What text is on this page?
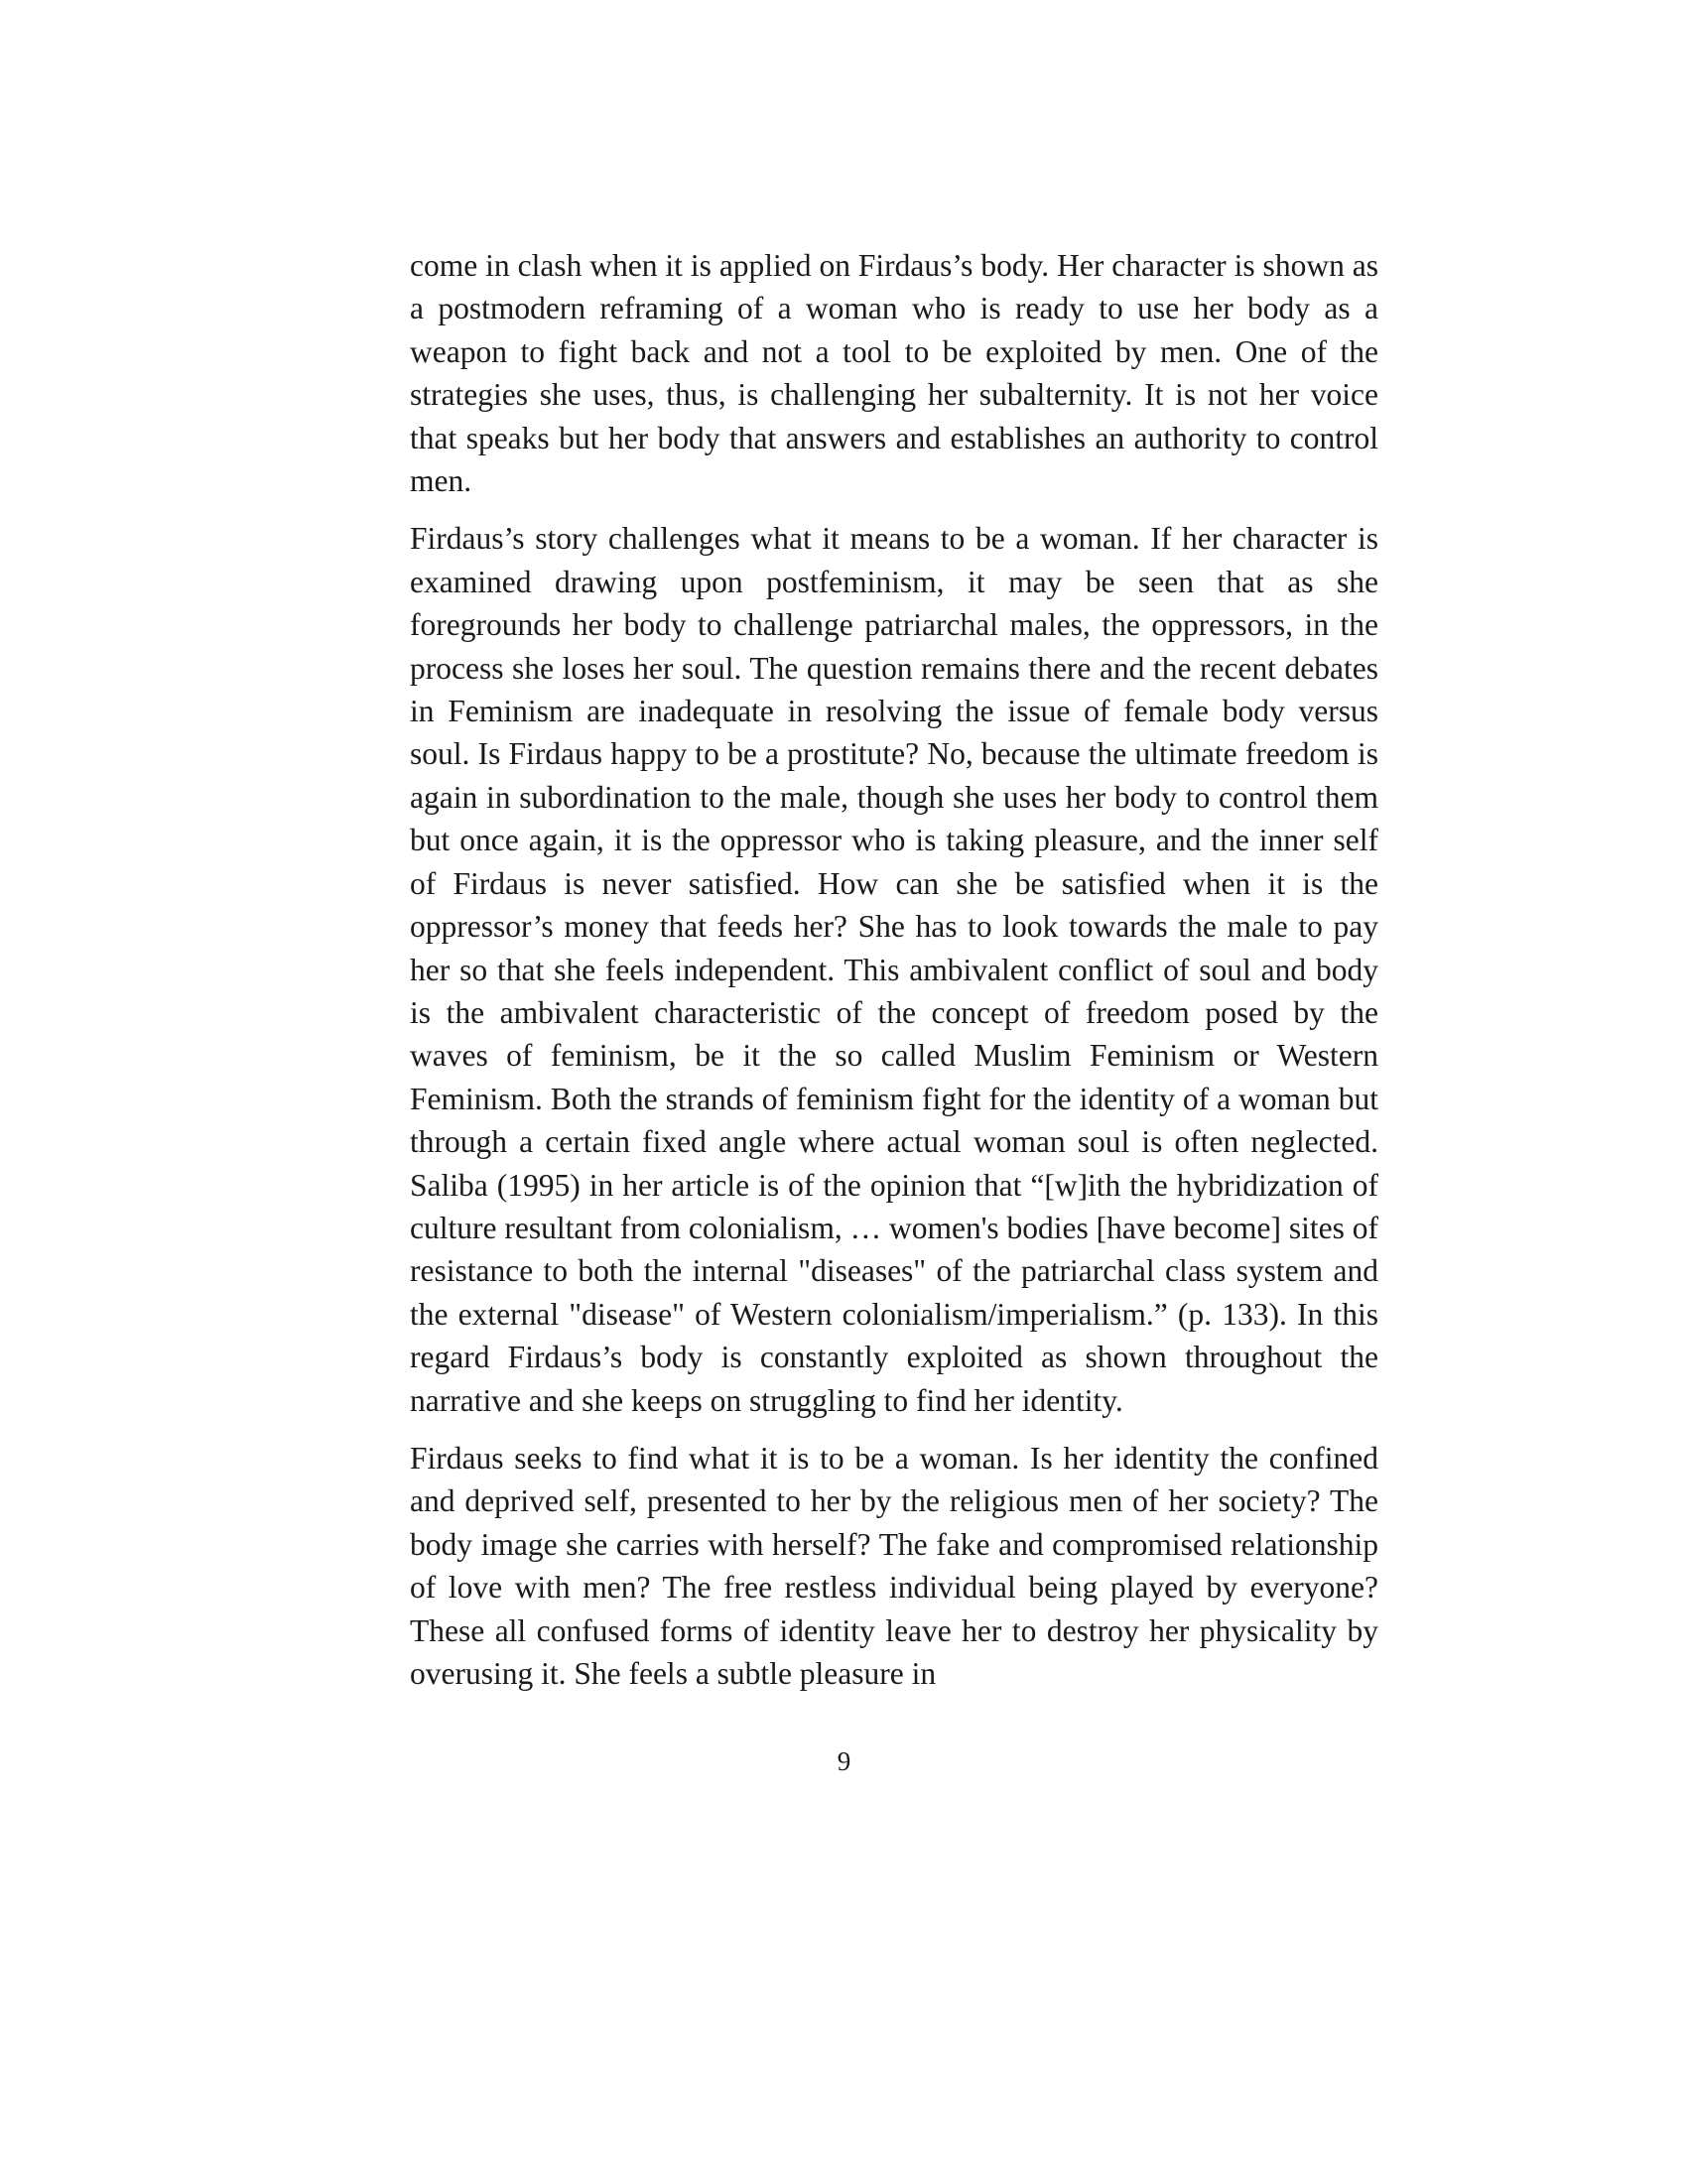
come in clash when it is applied on Firdaus’s body. Her character is shown as a postmodern reframing of a woman who is ready to use her body as a weapon to fight back and not a tool to be exploited by men. One of the strategies she uses, thus, is challenging her subalternity. It is not her voice that speaks but her body that answers and establishes an authority to control men.

Firdaus’s story challenges what it means to be a woman. If her character is examined drawing upon postfeminism, it may be seen that as she foregrounds her body to challenge patriarchal males, the oppressors, in the process she loses her soul. The question remains there and the recent debates in Feminism are inadequate in resolving the issue of female body versus soul. Is Firdaus happy to be a prostitute? No, because the ultimate freedom is again in subordination to the male, though she uses her body to control them but once again, it is the oppressor who is taking pleasure, and the inner self of Firdaus is never satisfied. How can she be satisfied when it is the oppressor’s money that feeds her? She has to look towards the male to pay her so that she feels independent. This ambivalent conflict of soul and body is the ambivalent characteristic of the concept of freedom posed by the waves of feminism, be it the so called Muslim Feminism or Western Feminism. Both the strands of feminism fight for the identity of a woman but through a certain fixed angle where actual woman soul is often neglected. Saliba (1995) in her article is of the opinion that “[w]ith the hybridization of culture resultant from colonialism, … women's bodies [have become] sites of resistance to both the internal "diseases" of the patriarchal class system and the external "disease" of Western colonialism/imperialism.” (p. 133). In this regard Firdaus’s body is constantly exploited as shown throughout the narrative and she keeps on struggling to find her identity.

Firdaus seeks to find what it is to be a woman. Is her identity the confined and deprived self, presented to her by the religious men of her society? The body image she carries with herself? The fake and compromised relationship of love with men? The free restless individual being played by everyone? These all confused forms of identity leave her to destroy her physicality by overusing it. She feels a subtle pleasure in

9
